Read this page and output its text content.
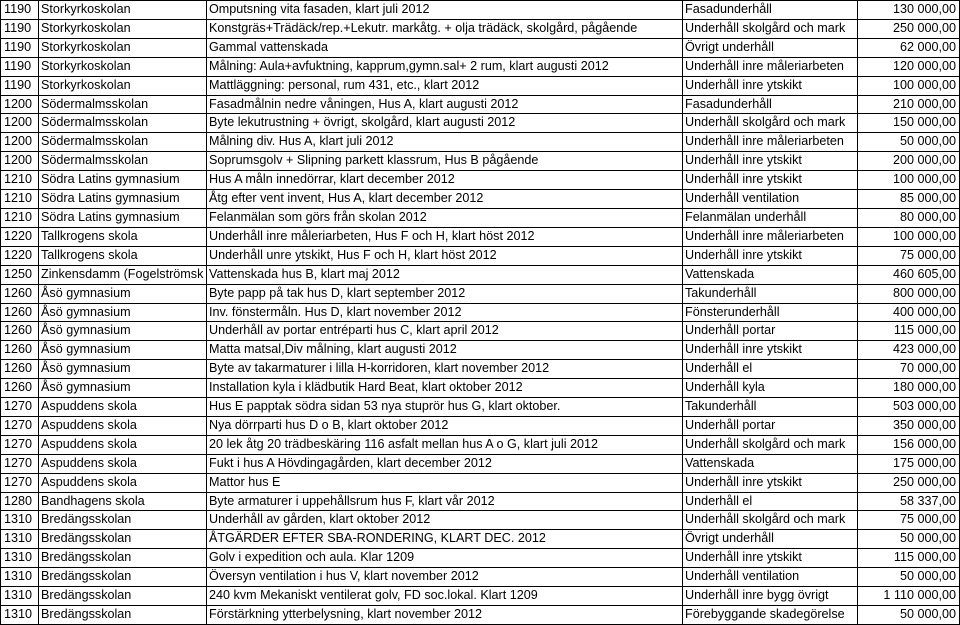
1190	Storkyrkoskolan	Omputsning vita fasaden, klart juli 2012	Fasadunderhåll	130 000,00
1190	Storkyrkoskolan	Konstgräs+Trädäck/rep.+Lekutr. markåtg. + olja trädäck, skolgård, pågående	Underhåll skolgård och mark	250 000,00
1190	Storkyrkoskolan	Gammal vattenskada	Övrigt underhåll	62 000,00
1190	Storkyrkoskolan	Målning: Aula+avfuktning, kapprum,gymn.sal+ 2 rum, klart augusti 2012	Underhåll inre måleriarbeten	120 000,00
1190	Storkyrkoskolan	Mattläggning: personal, rum 431, etc., klart 2012	Underhåll inre ytskikt	100 000,00
1200	Södermalmsskolan	Fasadmålnin nedre våningen, Hus A, klart augusti 2012	Fasadunderhåll	210 000,00
1200	Södermalmsskolan	Byte lekutrustning + övrigt, skolgård, klart augusti 2012	Underhåll skolgård och mark	150 000,00
1200	Södermalmsskolan	Målning div. Hus A, klart juli 2012	Underhåll inre måleriarbeten	50 000,00
1200	Södermalmsskolan	Soprumsgolv + Slipning parkett klassrum, Hus B pågående	Underhåll inre ytskikt	200 000,00
1210	Södra Latins gymnasium	Hus A måln innedörrar, klart december 2012	Underhåll inre ytskikt	100 000,00
1210	Södra Latins gymnasium	Åtg efter vent invent, Hus A, klart december 2012	Underhåll ventilation	85 000,00
1210	Södra Latins gymnasium	Felanmälan som görs från skolan 2012	Felanmälan underhåll	80 000,00
1220	Tallkrogens skola	Underhåll inre måleriarbeten, Hus F och H, klart höst 2012	Underhåll inre måleriarbeten	100 000,00
1220	Tallkrogens skola	Underhåll unre ytskikt, Hus F och H, klart höst 2012	Underhåll inre ytskikt	75 000,00
1250	Zinkensdamm (Fogelströmsk	Vattenskada hus B, klart maj 2012	Vattenskada	460 605,00
1260	Åsö gymnasium	Byte papp på tak hus D, klart september 2012	Takunderhåll	800 000,00
1260	Åsö gymnasium	Inv. fönstermåln. Hus D, klart november 2012	Fönsterunderhåll	400 000,00
1260	Åsö gymnasium	Underhåll av portar entréparti hus C, klart april 2012	Underhåll portar	115 000,00
1260	Åsö gymnasium	Matta matsal,Div målning, klart augusti 2012	Underhåll inre ytskikt	423 000,00
1260	Åsö gymnasium	Byte av takarmaturer i lilla H-korridoren, klart november 2012	Underhåll el	70 000,00
1260	Åsö gymnasium	Installation kyla i klädbutik Hard Beat, klart oktober 2012	Underhåll kyla	180 000,00
1270	Aspuddens skola	Hus E papptak södra sidan 53 nya stuprör hus G, klart oktober.	Takunderhåll	503 000,00
1270	Aspuddens skola	Nya dörrparti hus D o B, klart oktober 2012	Underhåll portar	350 000,00
1270	Aspuddens skola	20 lek åtg 20 trädbeskäring 116 asfalt mellan hus A o G, klart juli 2012	Underhåll skolgård och mark	156 000,00
1270	Aspuddens skola	Fukt i hus A Hövdingagården, klart december 2012	Vattenskada	175 000,00
1270	Aspuddens skola	Mattor hus E	Underhåll inre ytskikt	250 000,00
1280	Bandhagens skola	Byte armaturer i uppehållsrum hus F, klart vår 2012	Underhåll el	58 337,00
1310	Bredängsskolan	Underhåll av gården, klart oktober 2012	Underhåll skolgård och mark	75 000,00
1310	Bredängsskolan	ÅTGÄRDER EFTER SBA-RONDERING, KLART DEC. 2012	Övrigt underhåll	50 000,00
1310	Bredängsskolan	Golv i expedition och aula. Klar 1209	Underhåll inre ytskikt	115 000,00
1310	Bredängsskolan	Översyn ventilation i hus V, klart november 2012	Underhåll ventilation	50 000,00
1310	Bredängsskolan	240 kvm Mekaniskt ventilerat golv, FD soc.lokal. Klart 1209	Underhåll inre bygg övrigt	1 110 000,00
1310	Bredängsskolan	Förstärkning ytterbelysning, klart november 2012	Förebyggande skadegörelse	50 000,00
